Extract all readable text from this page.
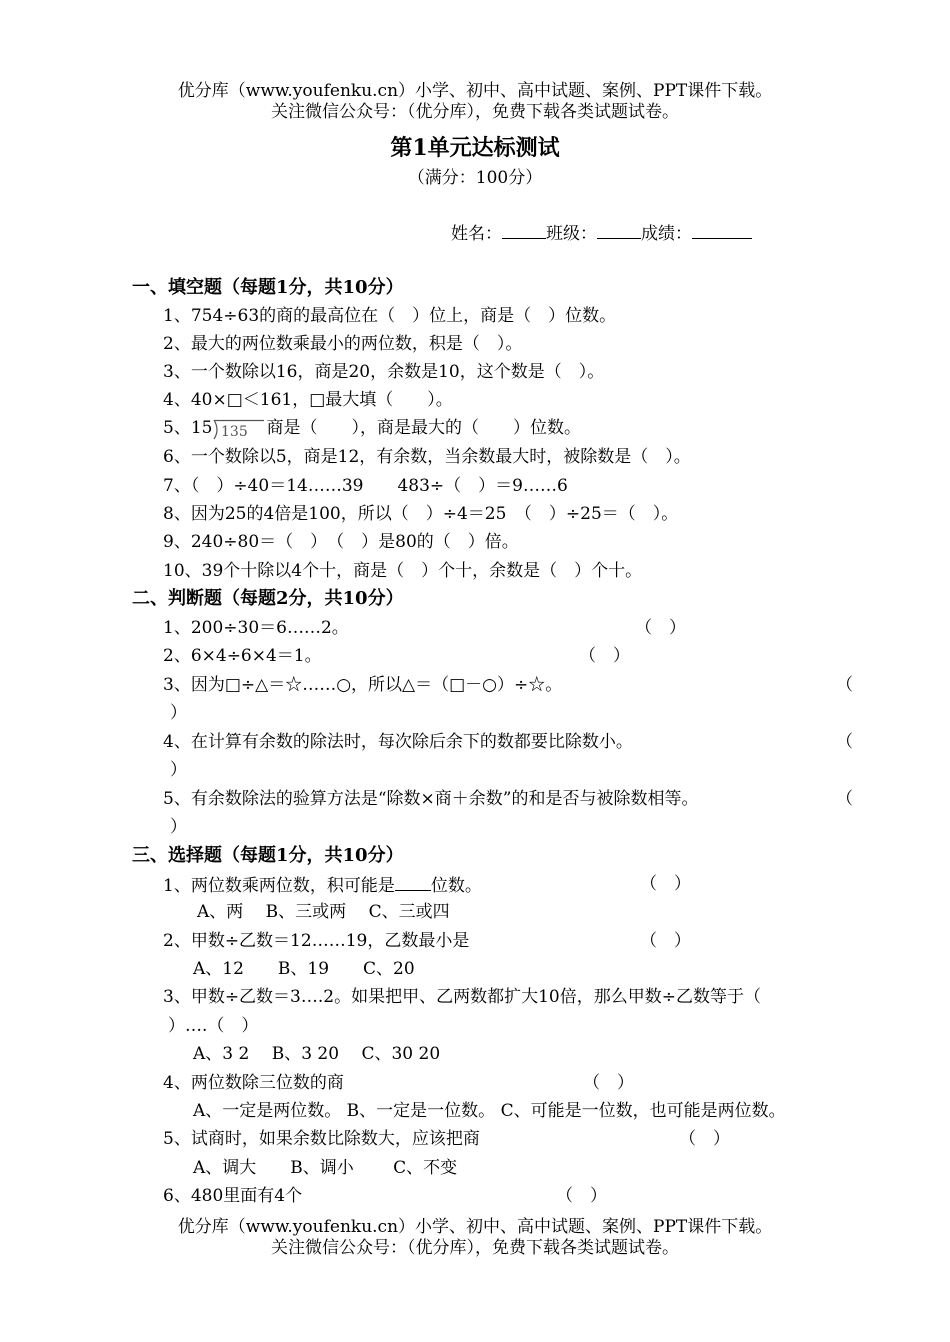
优分库（www.youfenku.cn）小学、初中、高中试题、案例、PPT课件下载。
关注微信公众号：（优分库），免费下载各类试题试卷。
第1单元达标测试
（满分：100分）
姓名：	班级：	成绩：
一、填空题（每题1分，共10分）
1、754÷63的商的最高位在（　）位上，商是（　）位数。
2、最大的两位数乘最小的两位数，积是（　）。
3、一个数除以16，商是20，余数是10，这个数是（　）。
4、40×□＜161，□最大填（　　）。
5、15 135 商是（　　），商是最大的（　　）位数。
6、一个数除以5，商是12，有余数，当余数最大时，被除数是（　）。
7、（　）÷40＝14……39　　483÷（　）＝9……6
8、因为25的4倍是100，所以（　）÷4＝25　（　）÷25＝（　）。
9、240÷80＝（　）　（　）是80的（　）倍。
10、39个十除以4个十，商是（　）个十，余数是（　）个十。
二、判断题（每题2分，共10分）
1、200÷30＝6……2。	（　）
2、6×4÷6×4＝1。	（　）
3、因为□÷△＝☆……○，所以△＝（□－○）÷☆。	（
）
4、在计算有余数的除法时，每次除后余下的数都要比除数小。	（
）
5、有余数除法的验算方法是“除数×商＋余数”的和是否与被除数相等。	（
）
三、选择题（每题1分，共10分）
1、两位数乘两位数，积可能是 位数。	（　）
A、两　 B、三或两　 C、三或四
2、甲数÷乙数＝12……19，乙数最小是	（　）
A、12　　B、19　　C、20
3、甲数÷乙数＝3….2。如果把甲、乙两数都扩大10倍，那么甲数÷乙数等于（
）….（　）
A、3 2　 B、3 20　 C、30 20
4、两位数除三位数的商	（　）
A、一定是两位数。 B、一定是一位数。 C、可能是一位数，也可能是两位数。
5、试商时，如果余数比除数大，应该把商	（　）
A、调大　　B、调小　　 C、不变
6、480里面有4个	（　）
优分库（www.youfenku.cn）小学、初中、高中试题、案例、PPT课件下载。
关注微信公众号：（优分库），免费下载各类试题试卷。
